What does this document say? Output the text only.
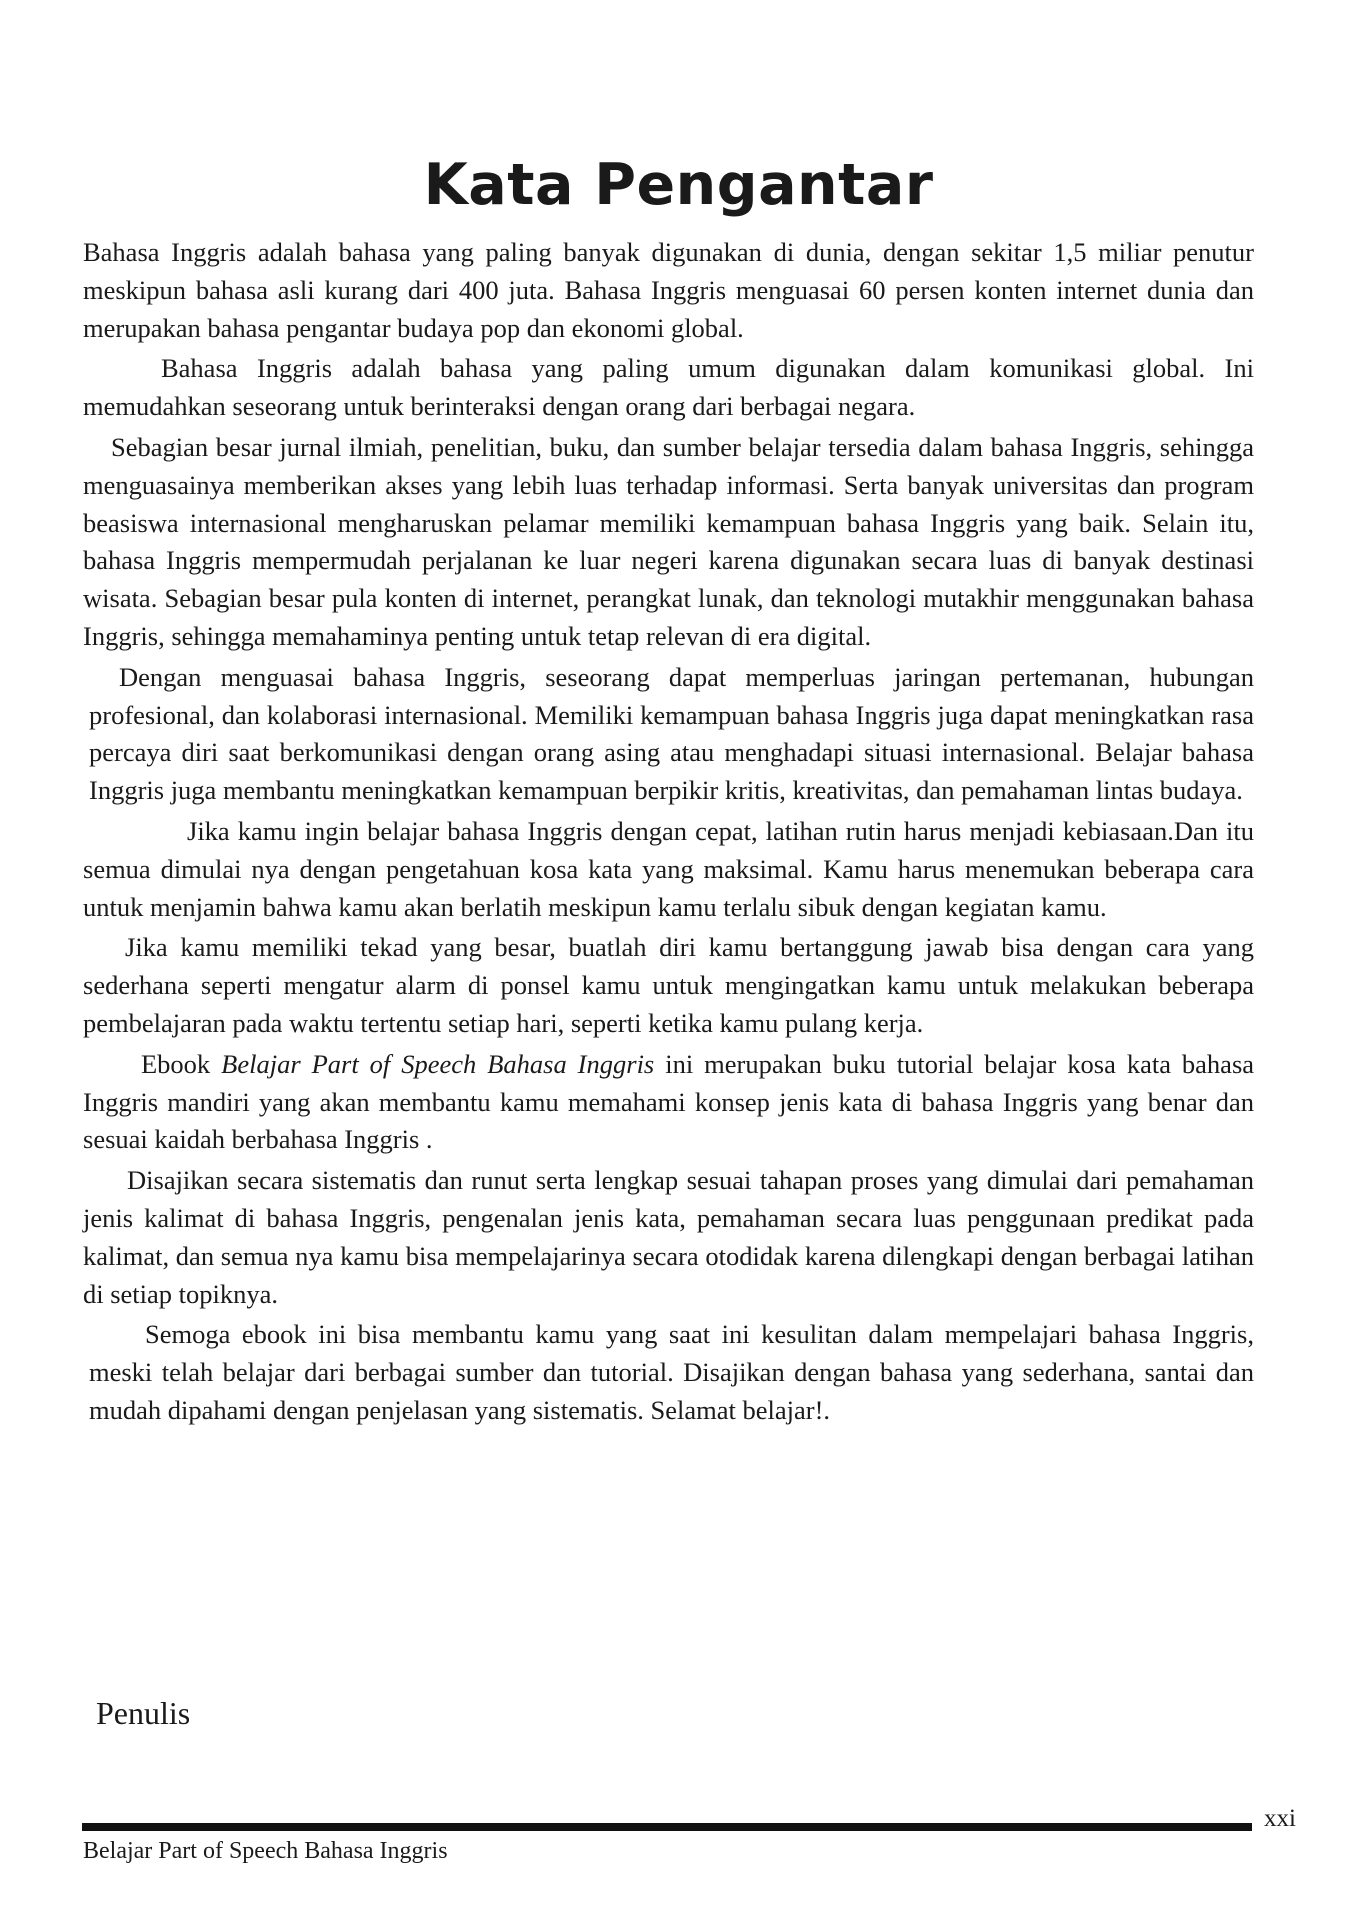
Kata Pengantar

Bahasa Inggris adalah bahasa yang paling banyak digunakan di dunia, dengan sekitar 1,5 miliar penutur meskipun bahasa asli kurang dari 400 juta. Bahasa Inggris menguasai 60 persen konten internet dunia dan merupakan bahasa pengantar budaya pop dan ekonomi global.

Bahasa Inggris adalah bahasa yang paling umum digunakan dalam komunikasi global. Ini memudahkan seseorang untuk berinteraksi dengan orang dari berbagai negara.

Sebagian besar jurnal ilmiah, penelitian, buku, dan sumber belajar tersedia dalam bahasa Inggris, sehingga menguasainya memberikan akses yang lebih luas terhadap informasi. Serta banyak universitas dan program beasiswa internasional mengharuskan pelamar memiliki kemampuan bahasa Inggris yang baik. Selain itu, bahasa Inggris mempermudah perjalanan ke luar negeri karena digunakan secara luas di banyak destinasi wisata. Sebagian besar pula konten di internet, perangkat lunak, dan teknologi mutakhir menggunakan bahasa Inggris, sehingga memahaminya penting untuk tetap relevan di era digital.

Dengan menguasai bahasa Inggris, seseorang dapat memperluas jaringan pertemanan, hubungan profesional, dan kolaborasi internasional. Memiliki kemampuan bahasa Inggris juga dapat meningkatkan rasa percaya diri saat berkomunikasi dengan orang asing atau menghadapi situasi internasional. Belajar bahasa Inggris juga membantu meningkatkan kemampuan berpikir kritis, kreativitas, dan pemahaman lintas budaya.

Jika kamu ingin belajar bahasa Inggris dengan cepat, latihan rutin harus menjadi kebiasaan.Dan itu semua dimulai nya dengan pengetahuan kosa kata yang maksimal. Kamu harus menemukan beberapa cara untuk menjamin bahwa kamu akan berlatih meskipun kamu terlalu sibuk dengan kegiatan kamu.

Jika kamu memiliki tekad yang besar, buatlah diri kamu bertanggung jawab bisa dengan cara yang sederhana seperti mengatur alarm di ponsel kamu untuk mengingatkan kamu untuk melakukan beberapa pembelajaran pada waktu tertentu setiap hari, seperti ketika kamu pulang kerja.

Ebook Belajar Part of Speech Bahasa Inggris ini merupakan buku tutorial belajar kosa kata bahasa Inggris mandiri yang akan membantu kamu memahami konsep jenis kata di bahasa Inggris yang benar dan sesuai kaidah berbahasa Inggris .

Disajikan secara sistematis dan runut serta lengkap sesuai tahapan proses yang dimulai dari pemahaman jenis kalimat di bahasa Inggris, pengenalan jenis kata, pemahaman secara luas penggunaan predikat pada kalimat, dan semua nya kamu bisa mempelajarinya secara otodidak karena dilengkapi dengan berbagai latihan di setiap topiknya.

Semoga ebook ini bisa membantu kamu yang saat ini kesulitan dalam mempelajari bahasa Inggris, meski telah belajar dari berbagai sumber dan tutorial. Disajikan dengan bahasa yang sederhana, santai dan mudah dipahami dengan penjelasan yang sistematis. Selamat belajar!.

Penulis

xxi
Belajar Part of Speech Bahasa Inggris
